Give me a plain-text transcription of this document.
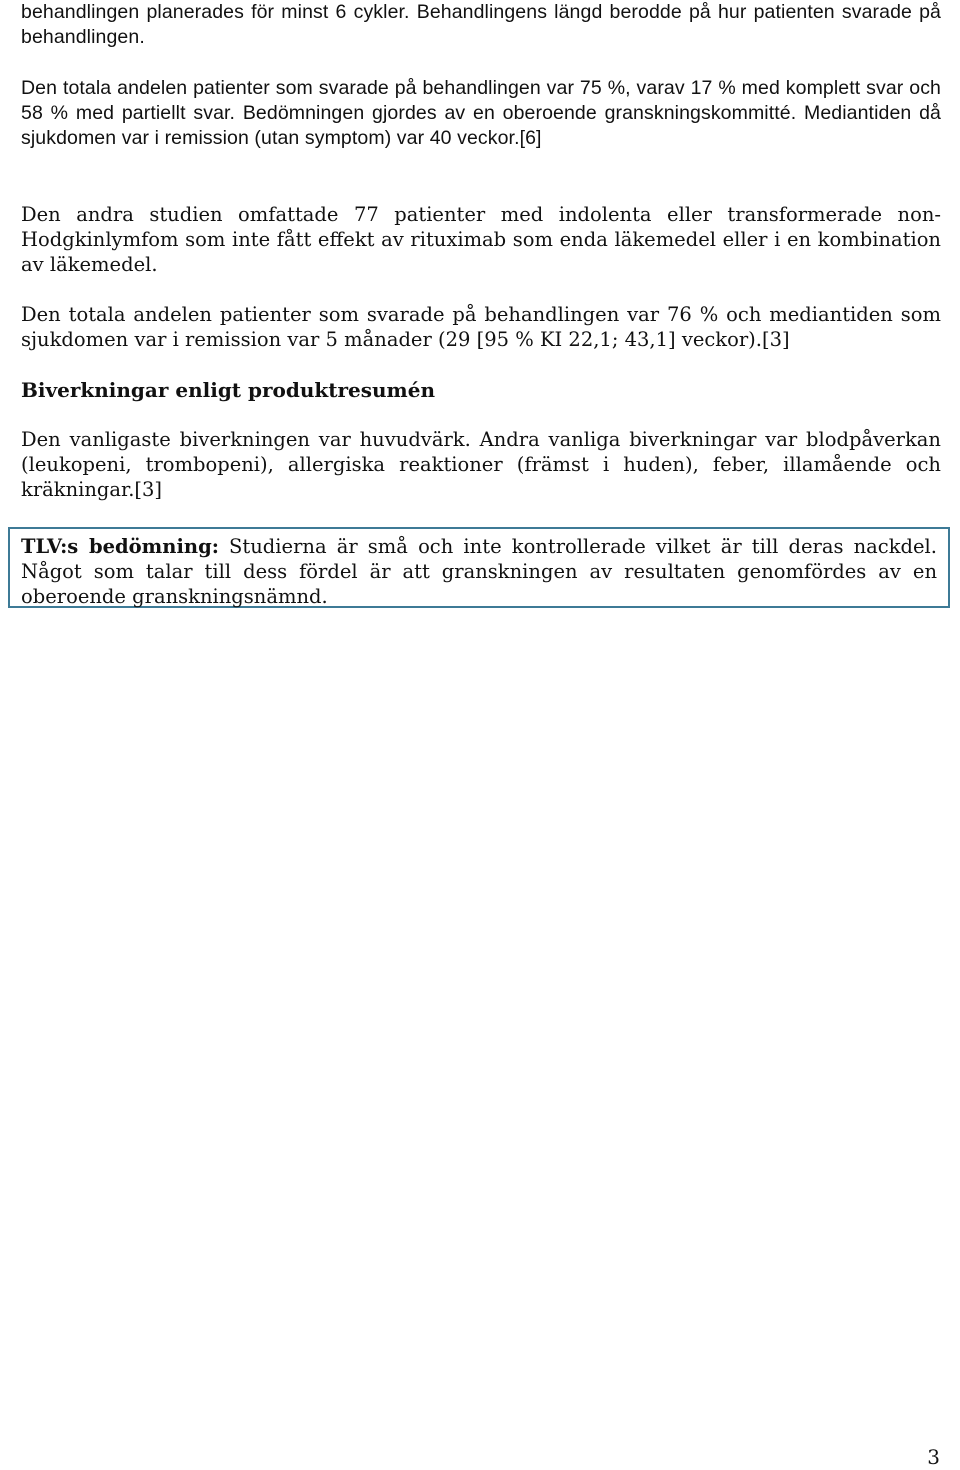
behandlingen planerades för minst 6 cykler. Behandlingens längd berodde på hur patienten svarade på behandlingen.

Den totala andelen patienter som svarade på behandlingen var 75 %, varav 17 % med komplett svar och 58 % med partiellt svar. Bedömningen gjordes av en oberoende granskningskommitté. Mediantiden då sjukdomen var i remission (utan symptom) var 40 veckor.[6]

Den andra studien omfattade 77 patienter med indolenta eller transformerade non-Hodgkinlymfom som inte fått effekt av rituximab som enda läkemedel eller i en kombination av läkemedel.

Den totala andelen patienter som svarade på behandlingen var 76 % och mediantiden som sjukdomen var i remission var 5 månader (29 [95 % KI 22,1; 43,1] veckor).[3]

Biverkningar enligt produktresumén

Den vanligaste biverkningen var huvudvärk. Andra vanliga biverkningar var blodpåverkan (leukopeni, trombopeni), allergiska reaktioner (främst i huden), feber, illamående och kräkningar.[3]

TLV:s bedömning: Studierna är små och inte kontrollerade vilket är till deras nackdel. Något som talar till dess fördel är att granskningen av resultaten genomfördes av en oberoende granskningsnämnd.

3
